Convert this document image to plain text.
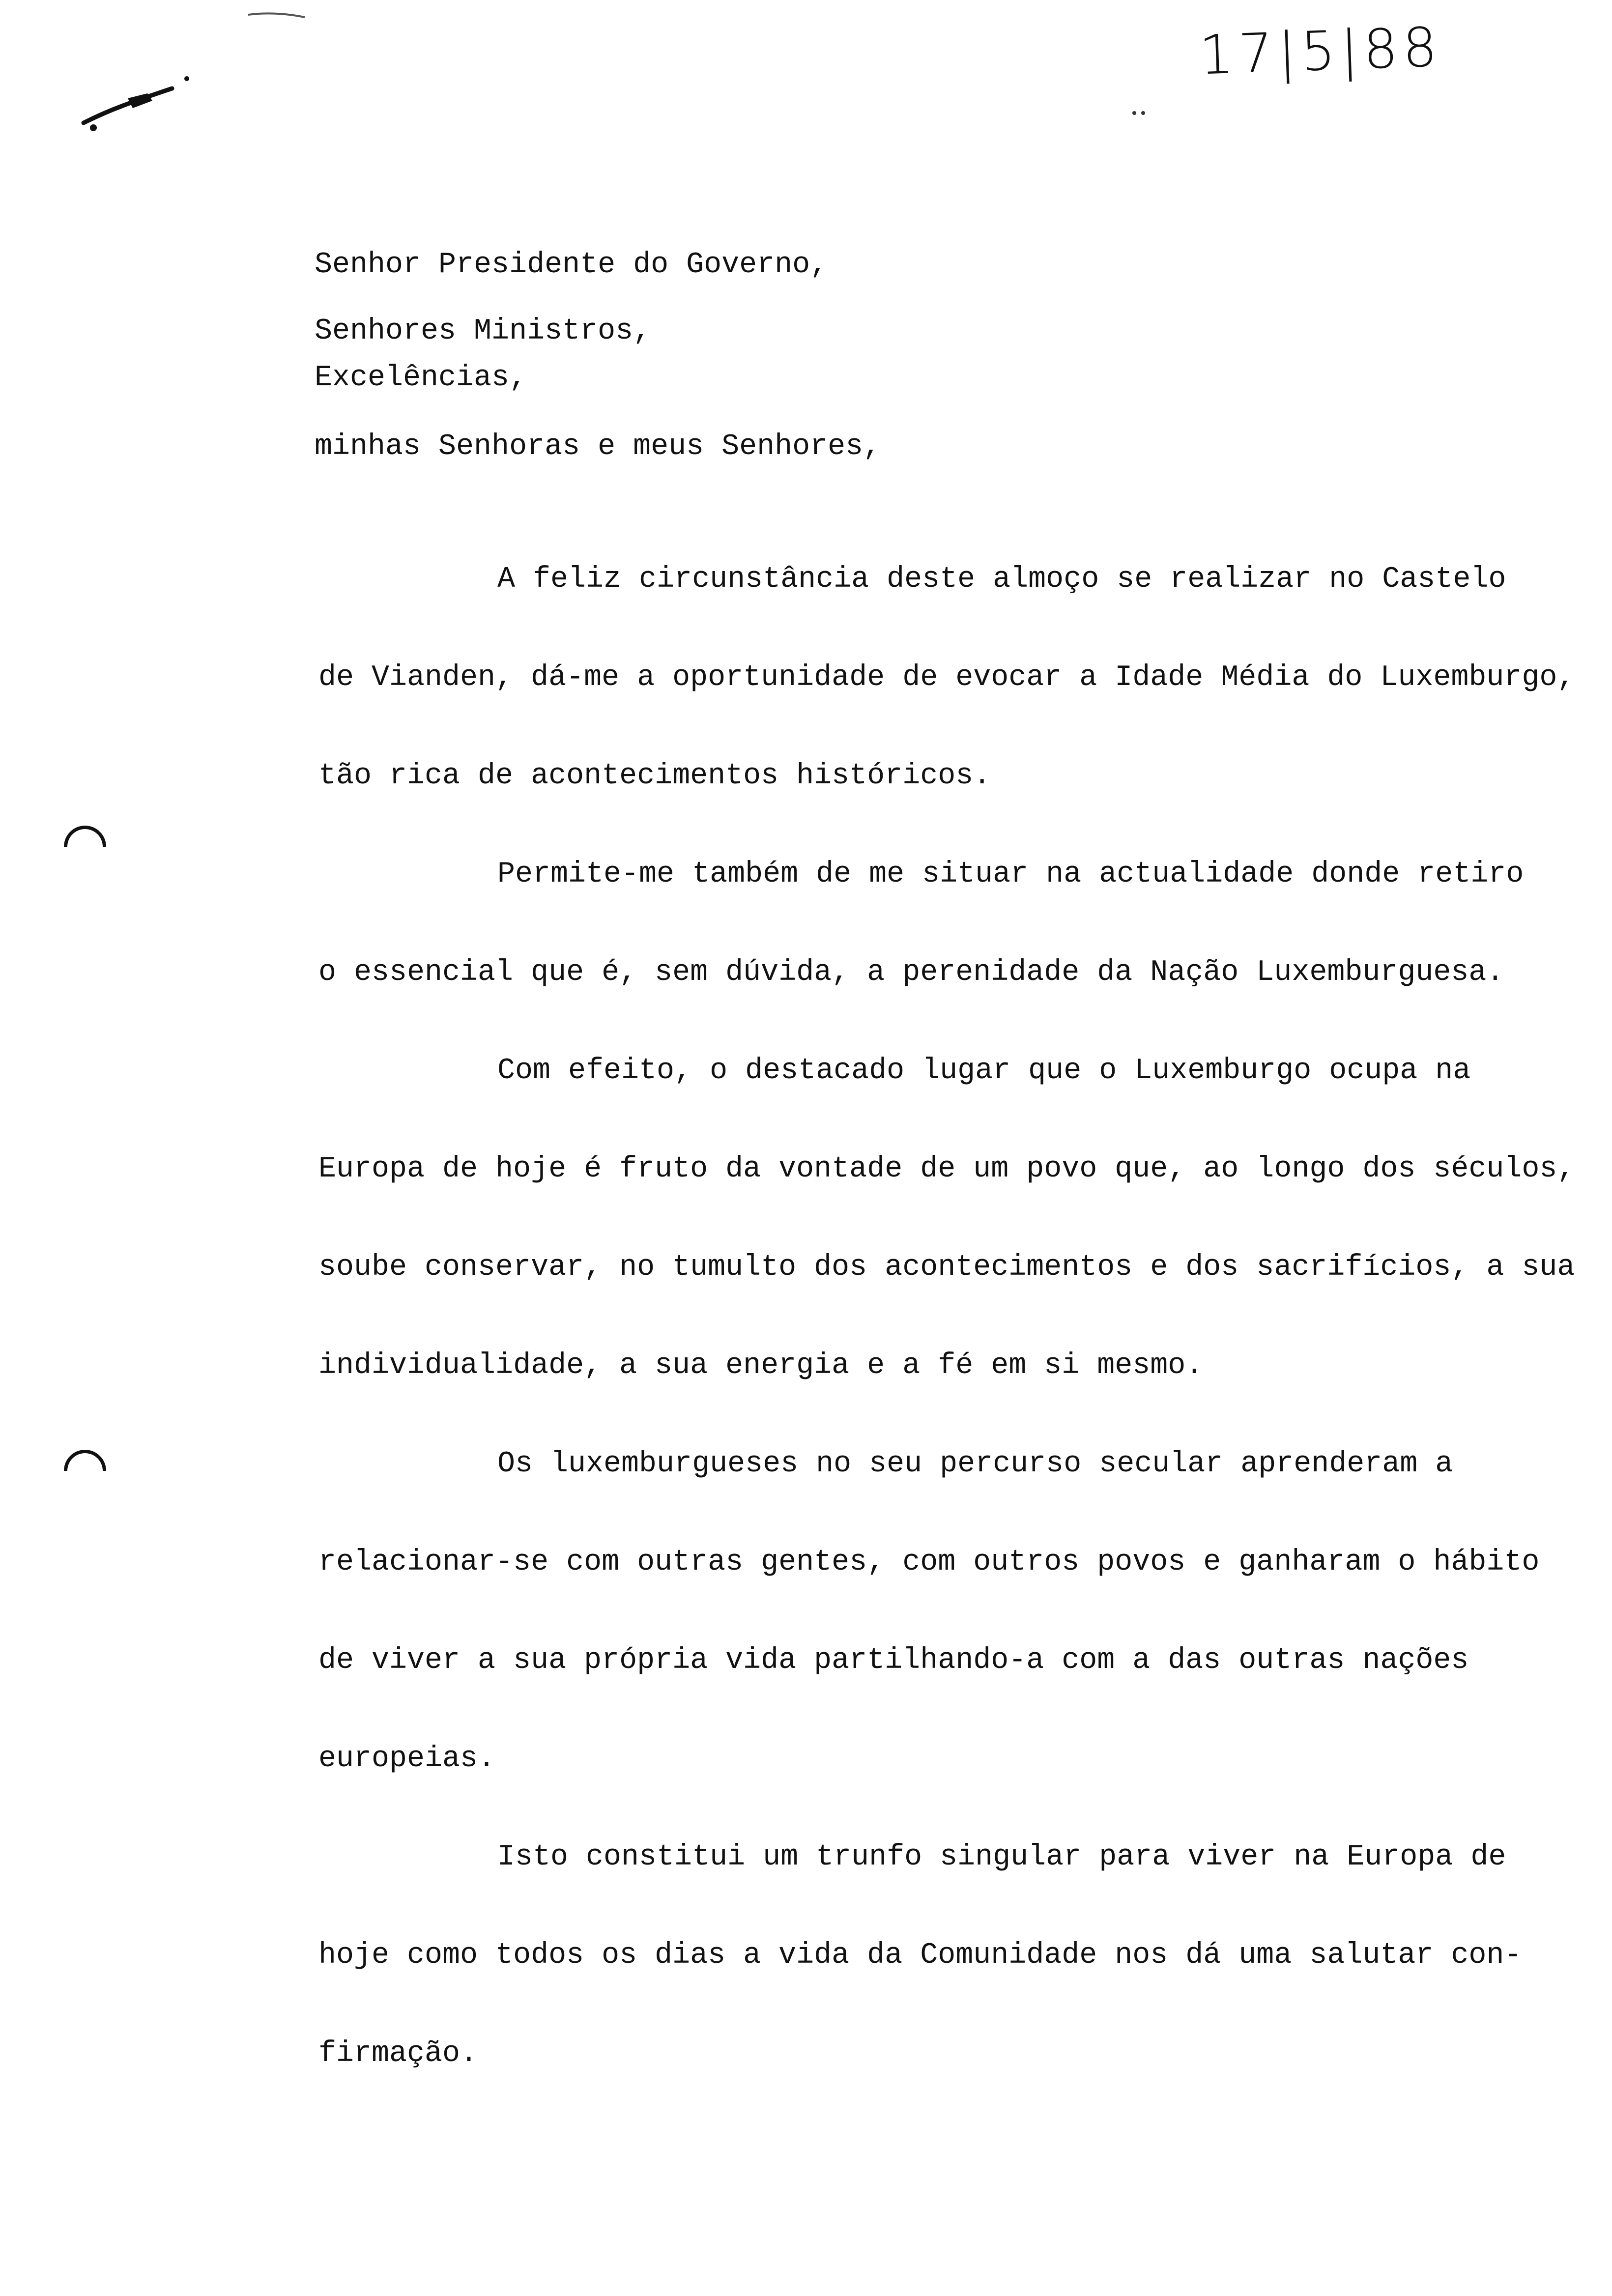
17|5|88
Senhor Presidente do Governo,
Senhores Ministros,
Excelências,
minhas Senhoras e meus Senhores,
A feliz circunstância deste almoço se realizar no Castelo
de Vianden, dá-me a oportunidade de evocar a Idade Média do Luxemburgo,
tão rica de acontecimentos históricos.
Permite-me também de me situar na actualidade donde retiro
o essencial que é, sem dúvida, a perenidade da Nação Luxemburguesa.
Com efeito, o destacado lugar que o Luxemburgo ocupa na
Europa de hoje é fruto da vontade de um povo que, ao longo dos séculos,
soube conservar, no tumulto dos acontecimentos e dos sacrifícios, a sua
individualidade, a sua energia e a fé em si mesmo.
Os luxemburgueses no seu percurso secular aprenderam a
relacionar-se com outras gentes, com outros povos e ganharam o hábito
de viver a sua própria vida partilhando-a com a das outras nações
europeias.
Isto constitui um trunfo singular para viver na Europa de
hoje como todos os dias a vida da Comunidade nos dá uma salutar con-
firmação.
